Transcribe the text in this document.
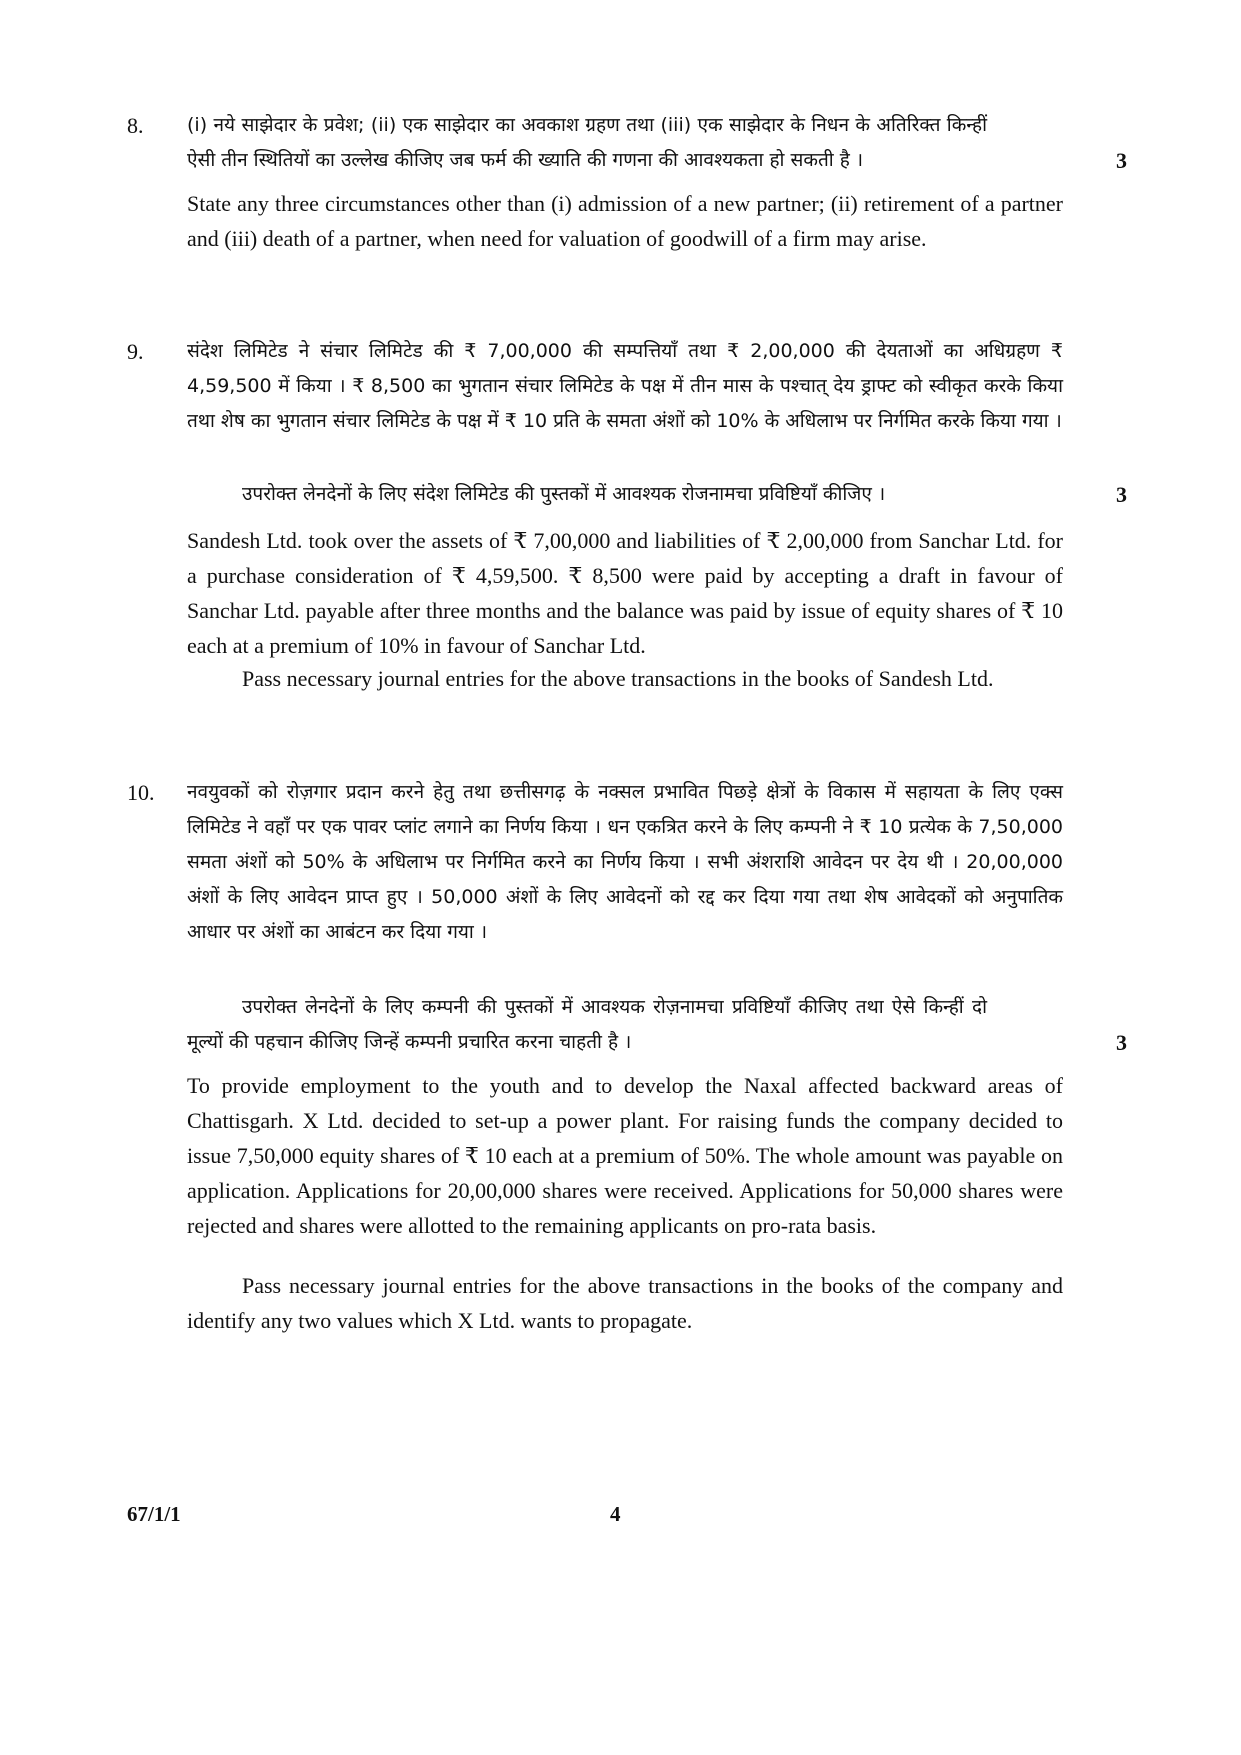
8. (i) नये साझेदार के प्रवेश; (ii) एक साझेदार का अवकाश ग्रहण तथा (iii) एक साझेदार के निधन के अतिरिक्त किन्हीं ऐसी तीन स्थितियों का उल्लेख कीजिए जब फर्म की ख्याति की गणना की आवश्यकता हो सकती है ।	3

State any three circumstances other than (i) admission of a new partner; (ii) retirement of a partner and (iii) death of a partner, when need for valuation of goodwill of a firm may arise.

9. संदेश लिमिटेड ने संचार लिमिटेड की ₹ 7,00,000 की सम्पत्तियाँ तथा ₹ 2,00,000 की देयताओं का अधिग्रहण ₹ 4,59,500 में किया । ₹ 8,500 का भुगतान संचार लिमिटेड के पक्ष में तीन मास के पश्चात् देय ड्राफ्ट को स्वीकृत करके किया तथा शेष का भुगतान संचार लिमिटेड के पक्ष में ₹ 10 प्रति के समता अंशों को 10% के अधिलाभ पर निर्गमित करके किया गया ।

उपरोक्त लेनदेनों के लिए संदेश लिमिटेड की पुस्तकों में आवश्यक रोजनामचा प्रविष्टियाँ कीजिए ।	3

Sandesh Ltd. took over the assets of ₹ 7,00,000 and liabilities of ₹ 2,00,000 from Sanchar Ltd. for a purchase consideration of ₹ 4,59,500. ₹ 8,500 were paid by accepting a draft in favour of Sanchar Ltd. payable after three months and the balance was paid by issue of equity shares of ₹ 10 each at a premium of 10% in favour of Sanchar Ltd.

Pass necessary journal entries for the above transactions in the books of Sandesh Ltd.

10. नवयुवकों को रोज़गार प्रदान करने हेतु तथा छत्तीसगढ़ के नक्सल प्रभावित पिछड़े क्षेत्रों के विकास में सहायता के लिए एक्स लिमिटेड ने वहाँ पर एक पावर प्लांट लगाने का निर्णय किया । धन एकत्रित करने के लिए कम्पनी ने ₹ 10 प्रत्येक के 7,50,000 समता अंशों को 50% के अधिलाभ पर निर्गमित करने का निर्णय किया । सभी अंशराशि आवेदन पर देय थी । 20,00,000 अंशों के लिए आवेदन प्राप्त हुए । 50,000 अंशों के लिए आवेदनों को रद्द कर दिया गया तथा शेष आवेदकों को अनुपातिक आधार पर अंशों का आबंटन कर दिया गया ।

उपरोक्त लेनदेनों के लिए कम्पनी की पुस्तकों में आवश्यक रोज़नामचा प्रविष्टियाँ कीजिए तथा ऐसे किन्हीं दो मूल्यों की पहचान कीजिए जिन्हें कम्पनी प्रचारित करना चाहती है ।	3

To provide employment to the youth and to develop the Naxal affected backward areas of Chattisgarh. X Ltd. decided to set-up a power plant. For raising funds the company decided to issue 7,50,000 equity shares of ₹ 10 each at a premium of 50%. The whole amount was payable on application. Applications for 20,00,000 shares were received. Applications for 50,000 shares were rejected and shares were allotted to the remaining applicants on pro-rata basis.

Pass necessary journal entries for the above transactions in the books of the company and identify any two values which X Ltd. wants to propagate.

67/1/1	4
